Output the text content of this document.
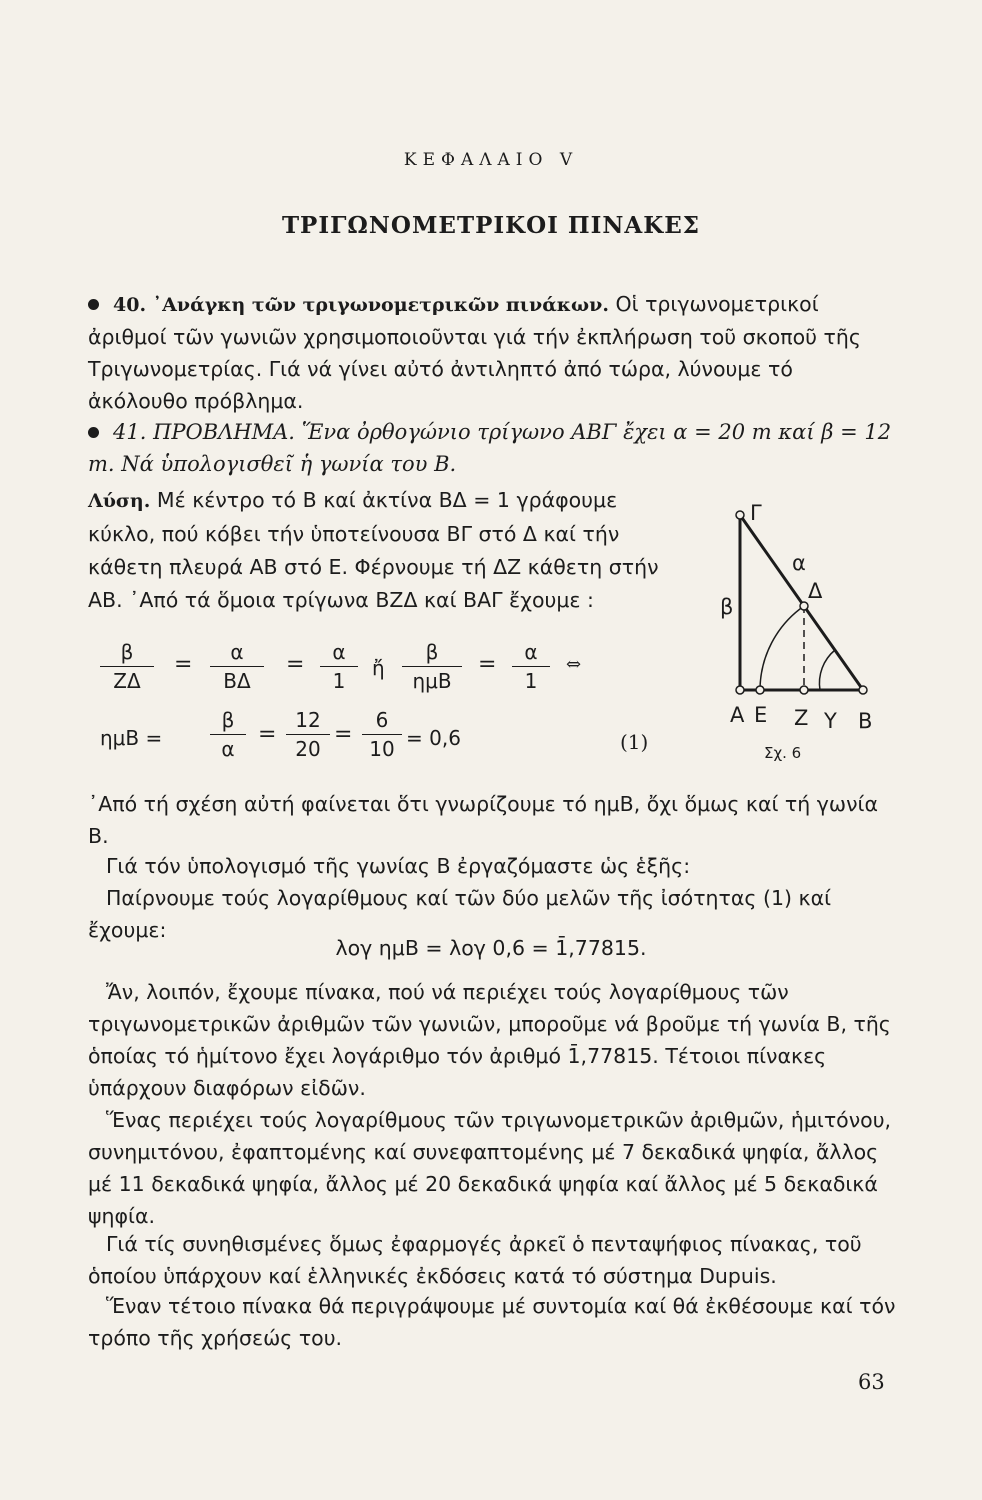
ΚΕΦΑΛΑΙΟ V
ΤΡΙΓΩΝΟΜΕΤΡΙΚΟΙ ΠΙΝΑΚΕΣ
40. ᾿Ανάγκη τῶν τριγωνομετρικῶν πινάκων. Οἱ τριγωνομετρικοί ἀριθμοί τῶν γωνιῶν χρησιμοποιοῦνται γιά τήν ἐκπλήρωση τοῦ σκοποῦ τῆς Τριγωνομετρίας. Γιά νά γίνει αὐτό ἀντιληπτό ἀπό τώρα, λύνουμε τό ἀκόλουθο πρόβλημα.
41. ΠΡΟΒΛΗΜΑ. Ἕνα ὀρθογώνιο τρίγωνο ΑΒΓ ἔχει α = 20 m καί β = 12 m. Νά ὑπολογισθεῖ ἡ γωνία του Β.
Λύση. Μέ κέντρο τό Β καί ἀκτίνα ΒΔ = 1 γράφουμε κύκλο, πού κόβει τήν ὑποτείνουσα ΒΓ στό Δ καί τήν κάθετη πλευρά ΑΒ στό Ε. Φέρνουμε τή ΔΖ κάθετη στήν ΑΒ. ᾿Από τά ὅμοια τρίγωνα ΒΖΔ καί ΒΑΓ ἔχουμε :
$\frac{\beta}{Z\Delta} = \frac{\alpha}{B\Delta} = \frac{\alpha}{1}$ ἤ
β
ημΒ
= $\frac{\alpha}{1}$ ⇔
$\eta\mu B = \frac{\beta}{\alpha} = \frac{12}{20} = \frac{6}{10} = 0,6$	(1)
Γ
α
Δ
β
Α Ε Ζ Υ Β
Σχ. 6
᾿Από τή σχέση αὐτή φαίνεται ὅτι γνωρίζουμε τό ημΒ, ὄχι ὅμως καί τή γωνία Β.
Γιά τόν ὑπολογισμό τῆς γωνίας Β ἐργαζόμαστε ὡς ἑξῆς:
Παίρνουμε τούς λογαρίθμους καί τῶν δύο μελῶν τῆς ἰσότητας (1) καί ἔχουμε:
λογ ημΒ = λογ 0,6 = 1̄,77815.
Ἄν, λοιπόν, ἔχουμε πίνακα, πού νά περιέχει τούς λογαρίθμους τῶν τριγωνομετρικῶν ἀριθμῶν τῶν γωνιῶν, μποροῦμε νά βροῦμε τή γωνία Β, τῆς ὁποίας τό ἡμίτονο ἔχει λογάριθμο τόν ἀριθμό 1̄,77815. Τέτοιοι πίνακες ὑπάρχουν διαφόρων εἰδῶν.
Ἕνας περιέχει τούς λογαρίθμους τῶν τριγωνομετρικῶν ἀριθμῶν, ἡμιτόνου, συνημιτόνου, ἐφαπτομένης καί συνεφαπτομένης μέ 7 δεκαδικά ψηφία, ἄλλος μέ 11 δεκαδικά ψηφία, ἄλλος μέ 20 δεκαδικά ψηφία καί ἄλλος μέ 5 δεκαδικά ψηφία.
Γιά τίς συνηθισμένες ὅμως ἐφαρμογές ἀρκεῖ ὁ πενταψήφιος πίνακας, τοῦ ὁποίου ὑπάρχουν καί ἑλληνικές ἐκδόσεις κατά τό σύστημα Dupuis.
Ἕναν τέτοιο πίνακα θά περιγράψουμε μέ συντομία καί θά ἐκθέσουμε καί τόν τρόπο τῆς χρήσεώς του.
63
